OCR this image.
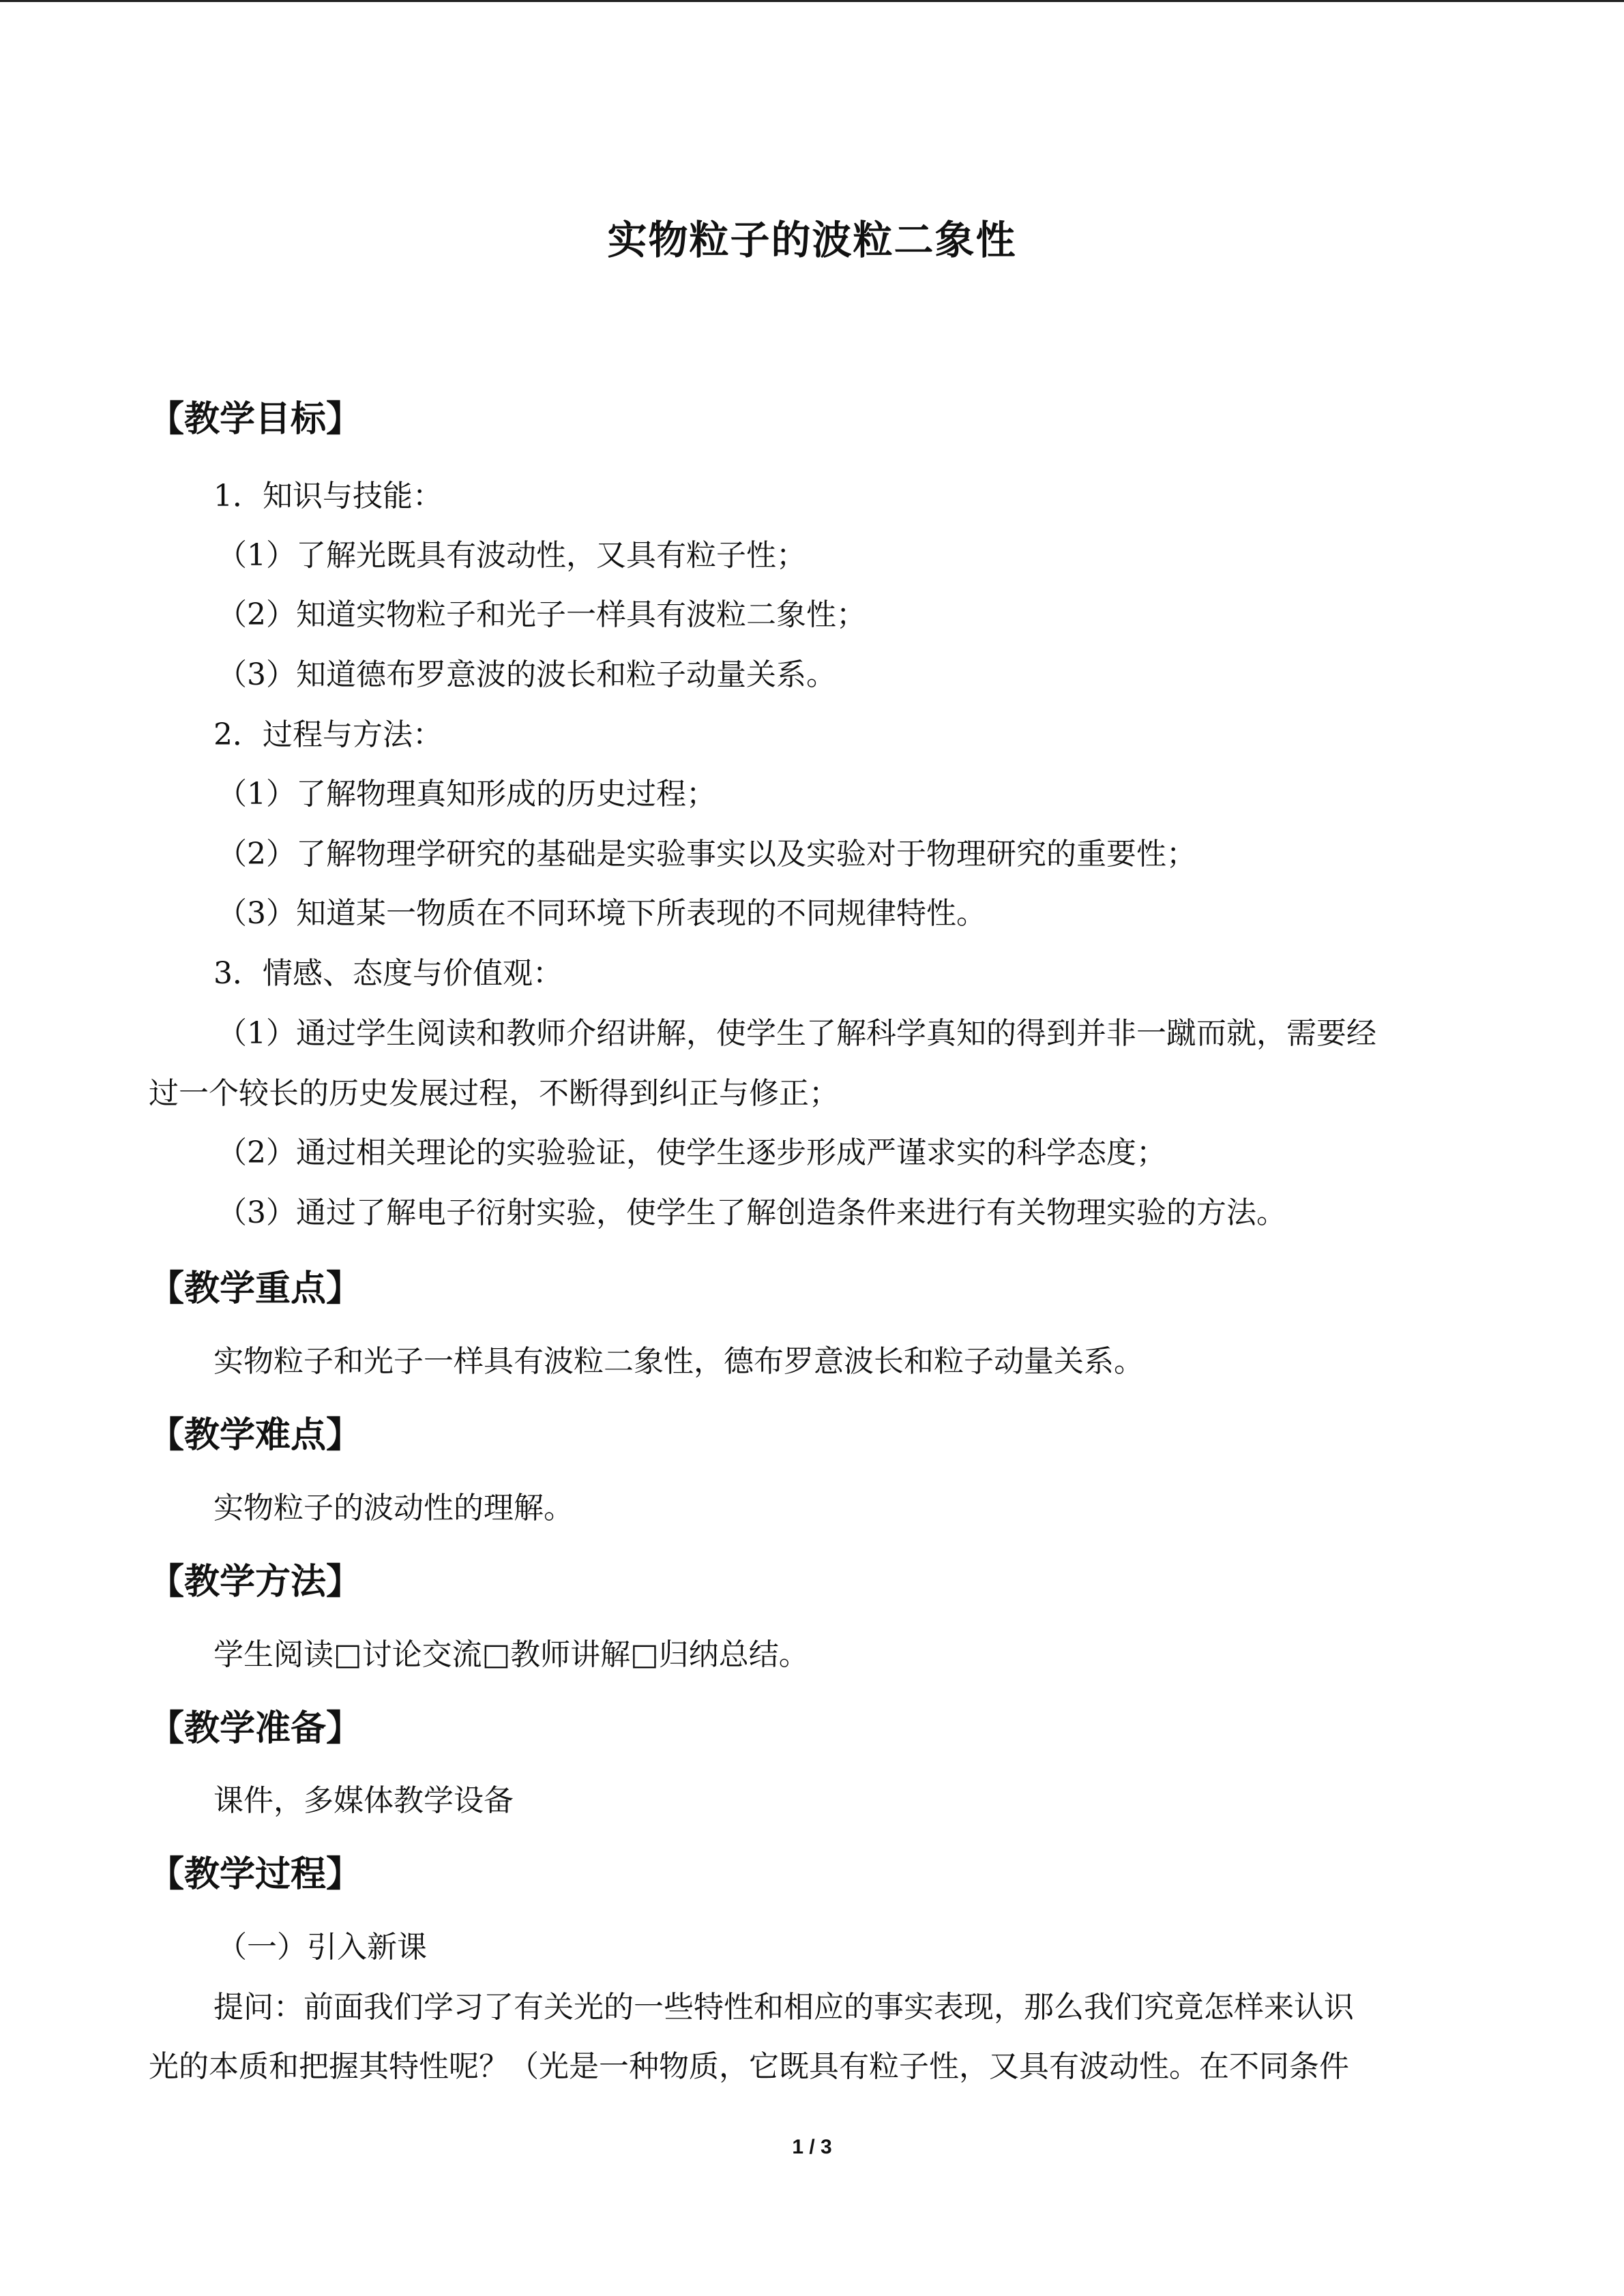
实物粒子的波粒二象性
【教学目标】
1．知识与技能：
（1）了解光既具有波动性，又具有粒子性；
（2）知道实物粒子和光子一样具有波粒二象性；
（3）知道德布罗意波的波长和粒子动量关系。
2．过程与方法：
（1）了解物理真知形成的历史过程；
（2）了解物理学研究的基础是实验事实以及实验对于物理研究的重要性；
（3）知道某一物质在不同环境下所表现的不同规律特性。
3．情感、态度与价值观：
（1）通过学生阅读和教师介绍讲解，使学生了解科学真知的得到并非一蹴而就，需要经
过一个较长的历史发展过程，不断得到纠正与修正；
（2）通过相关理论的实验验证，使学生逐步形成严谨求实的科学态度；
（3）通过了解电子衍射实验，使学生了解创造条件来进行有关物理实验的方法。
【教学重点】
实物粒子和光子一样具有波粒二象性，德布罗意波长和粒子动量关系。
【教学难点】
实物粒子的波动性的理解。
【教学方法】
学生阅读□讨论交流□教师讲解□归纳总结。
【教学准备】
课件，多媒体教学设备
【教学过程】
（一）引入新课
提问：前面我们学习了有关光的一些特性和相应的事实表现，那么我们究竟怎样来认识
光的本质和把握其特性呢？（光是一种物质，它既具有粒子性，又具有波动性。在不同条件
1 / 3
